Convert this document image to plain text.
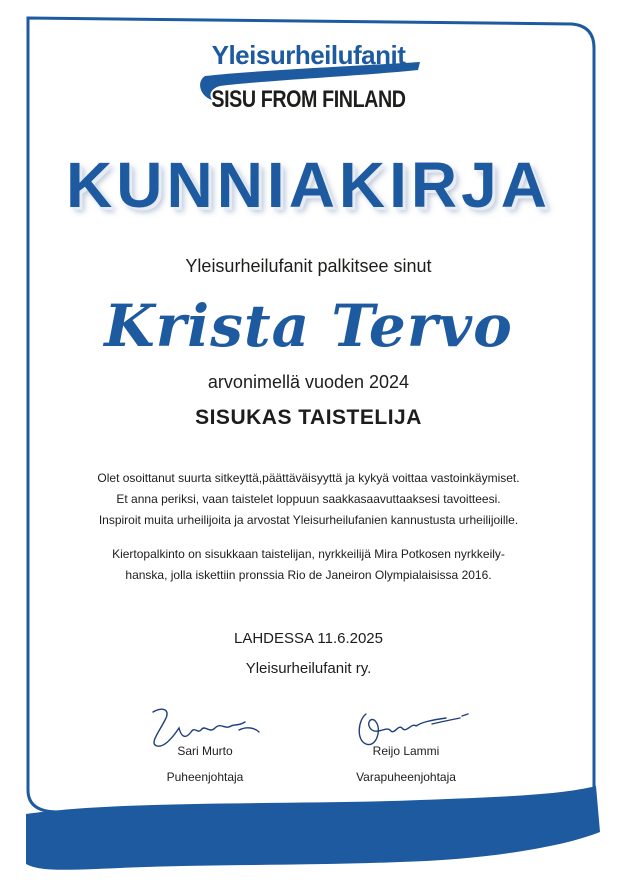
Yleisurheilufanit
SISU FROM FINLAND
KUNNIAKIRJA
Yleisurheilufanit palkitsee sinut
Krista Tervo
arvonimellä vuoden 2024
SISUKAS TAISTELIJA
Olet osoittanut suurta sitkeyttä,päättäväisyyttä ja kykyä voittaa vastoinkäymiset.
Et anna periksi, vaan taistelet loppuun saakkasaavuttaaksesi tavoitteesi.
Inspiroit muita urheilijoita ja arvostat Yleisurheilufanien kannustusta urheilijoille.
Kiertopalkinto on sisukkaan taistelijan, nyrkkeilijä Mira Potkosen nyrkkeily-
hanska, jolla iskettiin pronssia Rio de Janeiron Olympialaisissa 2016.
LAHDESSA 11.6.2025
Yleisurheilufanit ry.
Sari Murto
Puheenjohtaja
Reijo Lammi
Varapuheenjohtaja
